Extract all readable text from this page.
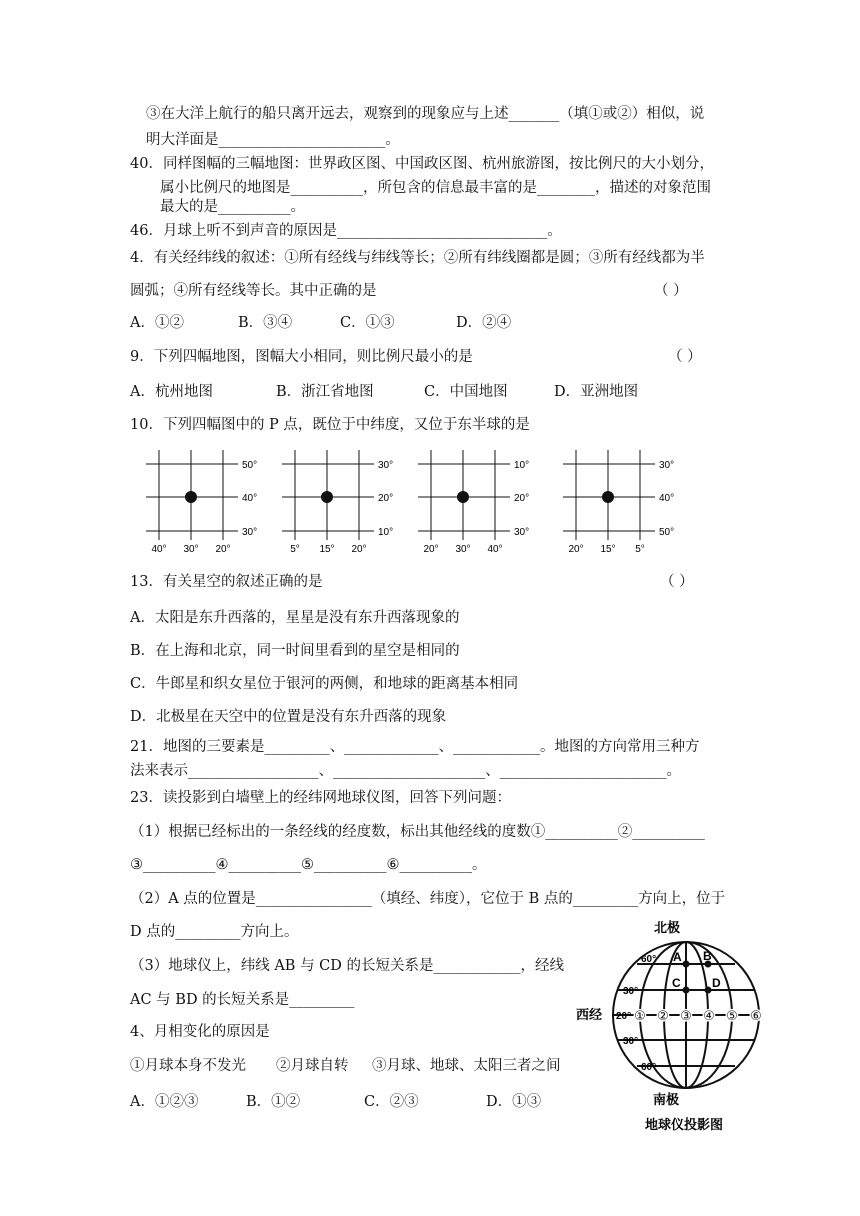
③在大洋上航行的船只离开远去，观察到的现象应与上述_______（填①或②）相似，说
明大洋面是_______________________。
40．同样图幅的三幅地图：世界政区图、中国政区图、杭州旅游图，按比例尺的大小划分，
属小比例尺的地图是__________，所包含的信息最丰富的是________，描述的对象范围
最大的是__________。
46．月球上听不到声音的原因是_____________________________。
4．有关经纬线的叙述：①所有经线与纬线等长；②所有纬线圈都是圆；③所有经线都为半
圆弧；④所有经线等长。其中正确的是	（ ）
A．①②	B．③④	C．①③	D．②④
9．下列四幅地图，图幅大小相同，则比例尺最小的是	（ ）
A．杭州地图	B．浙江省地图	C．中国地图	D．亚洲地图
10．下列四幅图中的 P 点，既位于中纬度，又位于东半球的是
50°
40°
30°
40° 30° 20°
30°
20°
10°
5° 15° 20°
10°
20°
30°
20° 30° 40°
30°
40°
50°
20° 15° 5°
13．有关星空的叙述正确的是	（ ）
A．太阳是东升西落的，星星是没有东升西落现象的
B．在上海和北京，同一时间里看到的星空是相同的
C．牛郎星和织女星位于银河的两侧，和地球的距离基本相同
D．北极星在天空中的位置是没有东升西落的现象
21．地图的三要素是_________、_____________、____________。地图的方向常用三种方
法来表示__________________、_____________________、_______________________。
23．读投影到白墙壁上的经纬网地球仪图，回答下列问题：
（1）根据已经标出的一条经线的经度数，标出其他经线的度数①__________②__________
③__________④__________⑤__________⑥__________。
（2）A 点的位置是________________（填经、纬度），它位于 B 点的_________方向上，位于
D 点的_________方向上。
（3）地球仪上，纬线 AB 与 CD 的长短关系是____________，经线
AC 与 BD 的长短关系是_________
4、月相变化的原因是
①月球本身不发光 ②月球自转 ③月球、地球、太阳三者之间
A．①②③	B．①②	C．②③	D．①③
北极
60°
30°
20°
30°
60°
西经
A B
C	D
① ② ③ ④ ⑤ ⑥
南极
地球仪投影图
